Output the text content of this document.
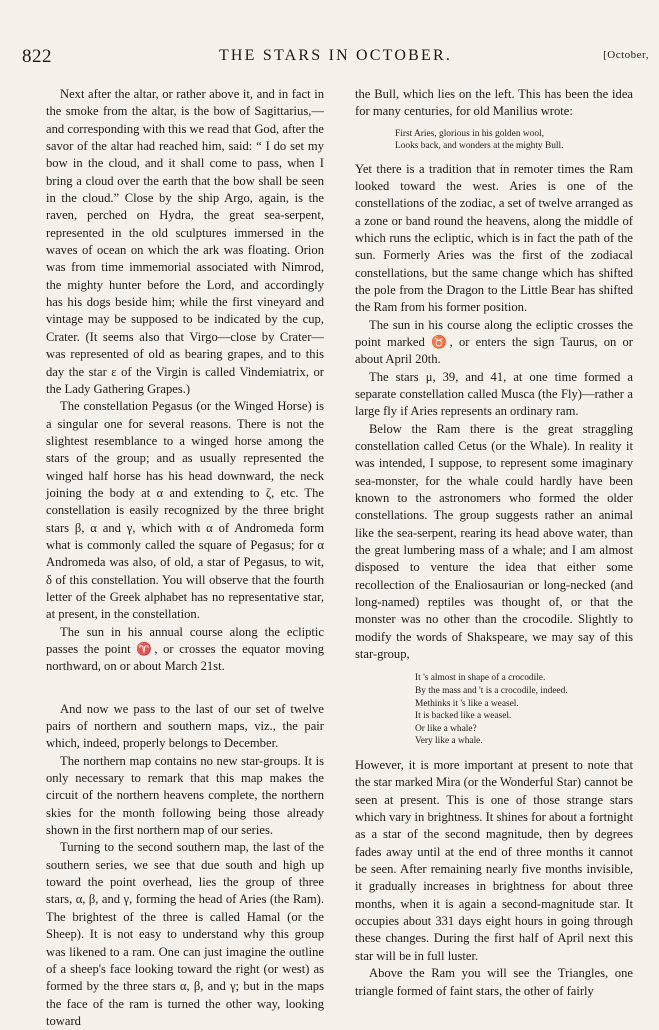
822	THE STARS IN OCTOBER.	[October,

Next after the altar, or rather above it, and in fact in the smoke from the altar, is the bow of Sagittarius,—and corresponding with this we read that God, after the savor of the altar had reached him, said: “ I do set my bow in the cloud, and it shall come to pass, when I bring a cloud over the earth that the bow shall be seen in the cloud.” Close by the ship Argo, again, is the raven, perched on Hydra, the great sea-serpent, represented in the old sculptures immersed in the waves of ocean on which the ark was floating. Orion was from time immemorial associated with Nimrod, the mighty hunter before the Lord, and accordingly has his dogs beside him; while the first vineyard and vintage may be supposed to be indicated by the cup, Crater. (It seems also that Virgo—close by Crater—was represented of old as bearing grapes, and to this day the star ε of the Virgin is called Vindemiatrix, or the Lady Gathering Grapes.)

The constellation Pegasus (or the Winged Horse) is a singular one for several reasons. There is not the slightest resemblance to a winged horse among the stars of the group; and as usually represented the winged half horse has his head downward, the neck joining the body at α and extending to ζ, etc. The constellation is easily recognized by the three bright stars β, α and γ, which with α of Andromeda form what is commonly called the square of Pegasus; for α Andromeda was also, of old, a star of Pegasus, to wit, δ of this constellation. You will observe that the fourth letter of the Greek alphabet has no representative star, at present, in the constellation.

The sun in his annual course along the ecliptic passes the point ♈, or crosses the equator moving northward, on or about March 21st.

And now we pass to the last of our set of twelve pairs of northern and southern maps, viz., the pair which, indeed, properly belongs to December.

The northern map contains no new star-groups. It is only necessary to remark that this map makes the circuit of the northern heavens complete, the northern skies for the month following being those already shown in the first northern map of our series.

Turning to the second southern map, the last of the southern series, we see that due south and high up toward the point overhead, lies the group of three stars, α, β, and γ, forming the head of Aries (the Ram). The brightest of the three is called Hamal (or the Sheep). It is not easy to understand why this group was likened to a ram. One can just imagine the outline of a sheep's face looking toward the right (or west) as formed by the three stars α, β, and γ; but in the maps the face of the ram is turned the other way, looking toward

the Bull, which lies on the left. This has been the idea for many centuries, for old Manilius wrote:

First Aries, glorious in his golden wool,
Looks back, and wonders at the mighty Bull.

Yet there is a tradition that in remoter times the Ram looked toward the west. Aries is one of the constellations of the zodiac, a set of twelve arranged as a zone or band round the heavens, along the middle of which runs the ecliptic, which is in fact the path of the sun. Formerly Aries was the first of the zodiacal constellations, but the same change which has shifted the pole from the Dragon to the Little Bear has shifted the Ram from his former position.

The sun in his course along the ecliptic crosses the point marked ♉, or enters the sign Taurus, on or about April 20th.

The stars μ, 39, and 41, at one time formed a separate constellation called Musca (the Fly)—rather a large fly if Aries represents an ordinary ram.

Below the Ram there is the great straggling constellation called Cetus (or the Whale). In reality it was intended, I suppose, to represent some imaginary sea-monster, for the whale could hardly have been known to the astronomers who formed the older constellations. The group suggests rather an animal like the sea-serpent, rearing its head above water, than the great lumbering mass of a whale; and I am almost disposed to venture the idea that either some recollection of the Enaliosaurian or long-necked (and long-named) reptiles was thought of, or that the monster was no other than the crocodile. Slightly to modify the words of Shakspeare, we may say of this star-group,

It 's almost in shape of a crocodile.
By the mass and 't is a crocodile, indeed.
Methinks it 's like a weasel.
It is backed like a weasel.
Or like a whale?
Very like a whale.

However, it is more important at present to note that the star marked Mira (or the Wonderful Star) cannot be seen at present. This is one of those strange stars which vary in brightness. It shines for about a fortnight as a star of the second magnitude, then by degrees fades away until at the end of three months it cannot be seen. After remaining nearly five months invisible, it gradually increases in brightness for about three months, when it is again a second-magnitude star. It occupies about 331 days eight hours in going through these changes. During the first half of April next this star will be in full luster.

Above the Ram you will see the Triangles, one triangle formed of faint stars, the other of fairly
